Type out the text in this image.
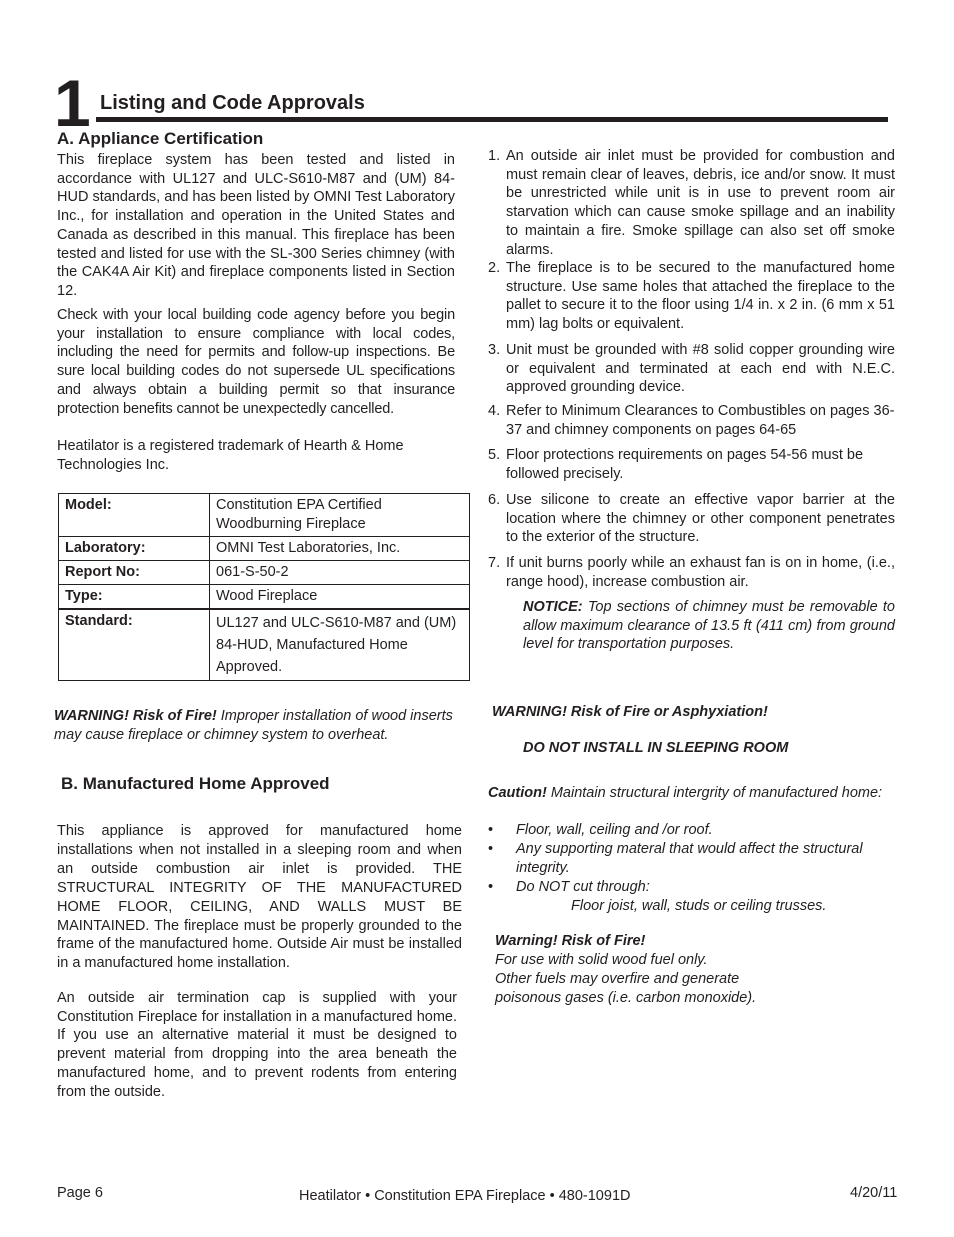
1 Listing and Code Approvals
A. Appliance Certification
This fireplace system has been tested and listed in accordance with UL127 and ULC-S610-M87 and (UM) 84-HUD standards, and has been listed by OMNI Test Laboratory Inc., for installation and operation in the United States and Canada as described in this manual. This fireplace has been tested and listed for use with the SL-300 Series chimney (with the CAK4A Air Kit) and fireplace components listed in Section 12.
Check with your local building code agency before you begin your installation to ensure compliance with local codes, including the need for permits and follow-up inspections. Be sure local building codes do not supersede UL specifications and always obtain a building permit so that insurance protection benefits cannot be unexpectedly cancelled.
Heatilator is a registered trademark of Hearth & Home Technologies Inc.
Model:	Constitution EPA Certified Woodburning Fireplace
Laboratory:	OMNI Test Laboratories, Inc.
Report No:	061-S-50-2
Type:	Wood Fireplace
Standard:	UL127 and ULC-S610-M87 and (UM) 84-HUD, Manufactured Home Approved.
WARNING! Risk of Fire! Improper installation of wood inserts may cause fireplace or chimney system to overheat.
B. Manufactured Home Approved
This appliance is approved for manufactured home installations when not installed in a sleeping room and when an outside combustion air inlet is provided. THE STRUCTURAL INTEGRITY OF THE MANUFACTURED HOME FLOOR, CEILING, AND WALLS MUST BE MAINTAINED. The fireplace must be properly grounded to the frame of the manufactured home. Outside Air must be installed in a manufactured home installation.
An outside air termination cap is supplied with your Constitution Fireplace for installation in a manufactured home. If you use an alternative material it must be designed to prevent material from dropping into the area beneath the manufactured home, and to prevent rodents from entering from the outside.
1. An outside air inlet must be provided for combustion and must remain clear of leaves, debris, ice and/or snow. It must be unrestricted while unit is in use to prevent room air starvation which can cause smoke spillage and an inability to maintain a fire. Smoke spillage can also set off smoke alarms.
2. The fireplace is to be secured to the manufactured home structure. Use same holes that attached the fireplace to the pallet to secure it to the floor using 1/4 in. x 2 in. (6 mm x 51 mm) lag bolts or equivalent.
3. Unit must be grounded with #8 solid copper grounding wire or equivalent and terminated at each end with N.E.C. approved grounding device.
4. Refer to Minimum Clearances to Combustibles on pages 36-37 and chimney components on pages 64-65
5. Floor protections requirements on pages 54-56 must be followed precisely.
6. Use silicone to create an effective vapor barrier at the location where the chimney or other component penetrates to the exterior of the structure.
7. If unit burns poorly while an exhaust fan is on in home, (i.e., range hood), increase combustion air.
NOTICE: Top sections of chimney must be removable to allow maximum clearance of 13.5 ft (411 cm) from ground level for transportation purposes.
WARNING! Risk of Fire or Asphyxiation!
DO NOT INSTALL IN SLEEPING ROOM
Caution! Maintain structural intergrity of manufactured home:
• Floor, wall, ceiling and /or roof.
• Any supporting materal that would affect the structural integrity.
• Do NOT cut through:
Floor joist, wall, studs or ceiling trusses.
Warning! Risk of Fire!
For use with solid wood fuel only.
Other fuels may overfire and generate
poisonous gases (i.e. carbon monoxide).
Page 6	Heatilator • Constitution EPA Fireplace • 480-1091D	4/20/11
